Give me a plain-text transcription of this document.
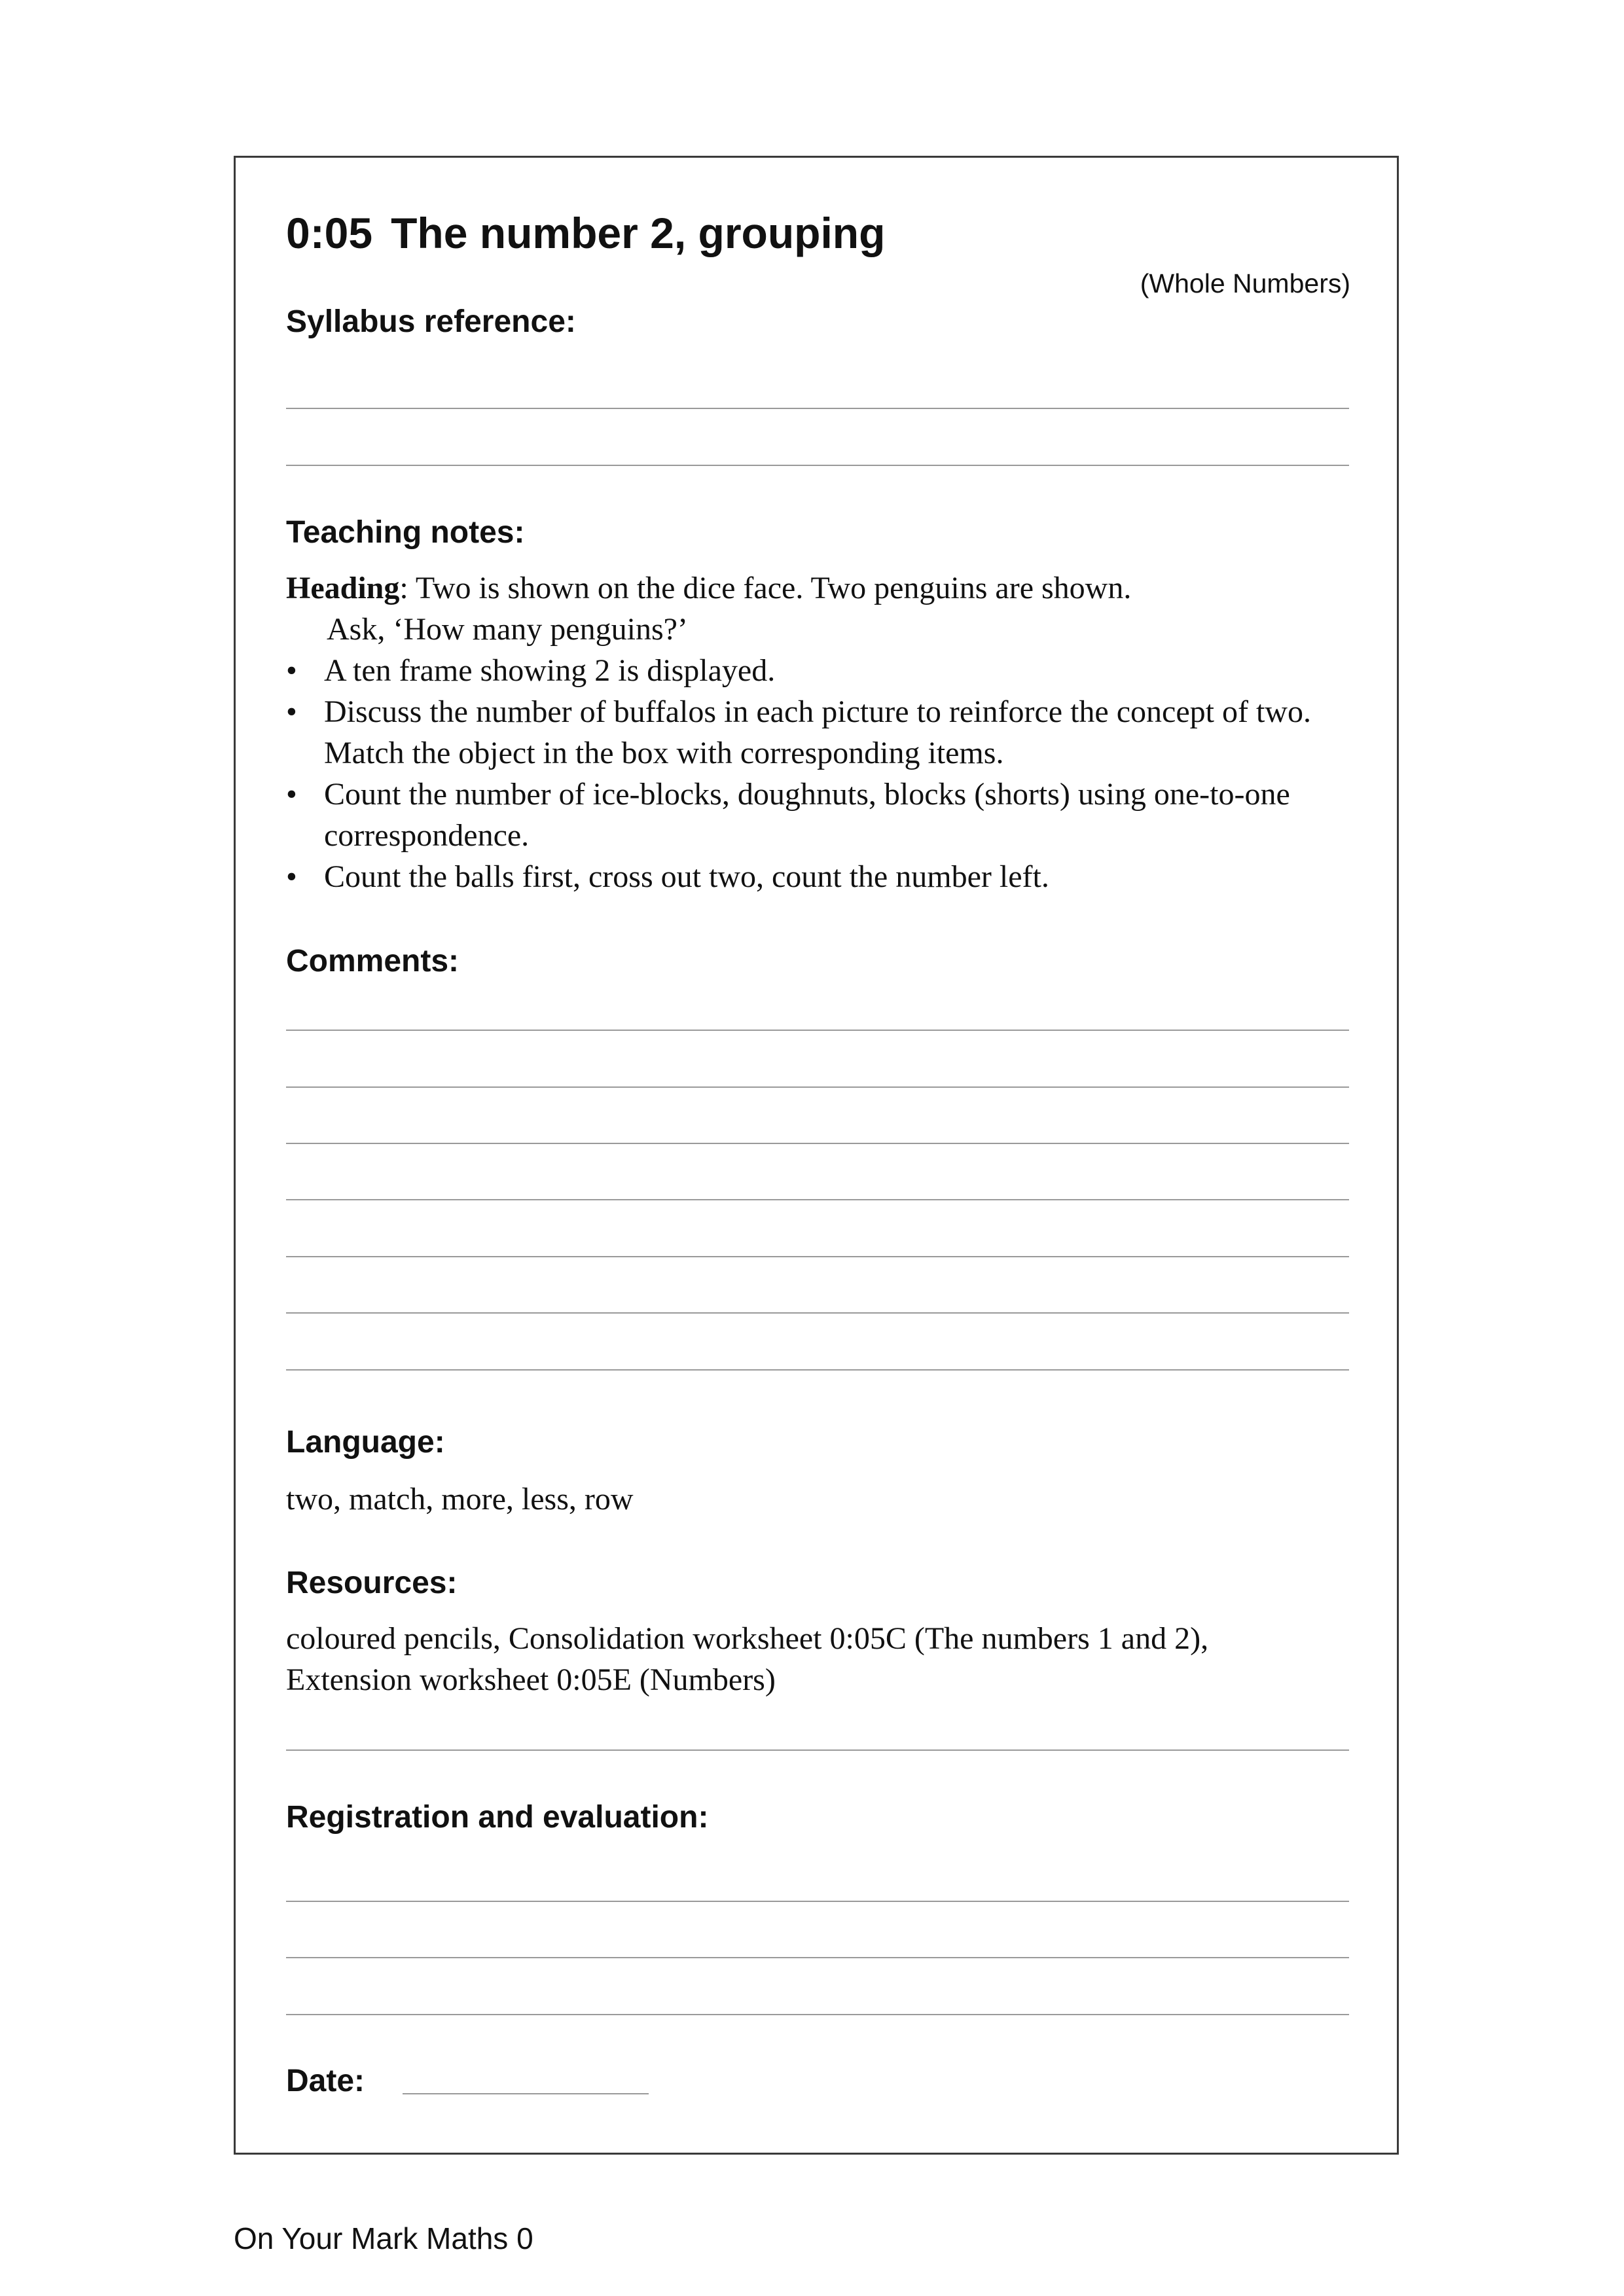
0:05 The number 2, grouping
(Whole Numbers)
Syllabus reference:
Teaching notes:

Heading: Two is shown on the dice face. Two penguins are shown.

Ask, ‘How many penguins?’

• A ten frame showing 2 is displayed.
• Discuss the number of buffalos in each picture to reinforce the concept of two. Match the object in the box with corresponding items.
• Count the number of ice-blocks, doughnuts, blocks (shorts) using one-to-one correspondence.
• Count the balls first, cross out two, count the number left.
Comments:
Language:
two, match, more, less, row
Resources:
coloured pencils, Consolidation worksheet 0:05C (The numbers 1 and 2),
Extension worksheet 0:05E (Numbers)
Registration and evaluation:
Date:
On Your Mark Maths 0
